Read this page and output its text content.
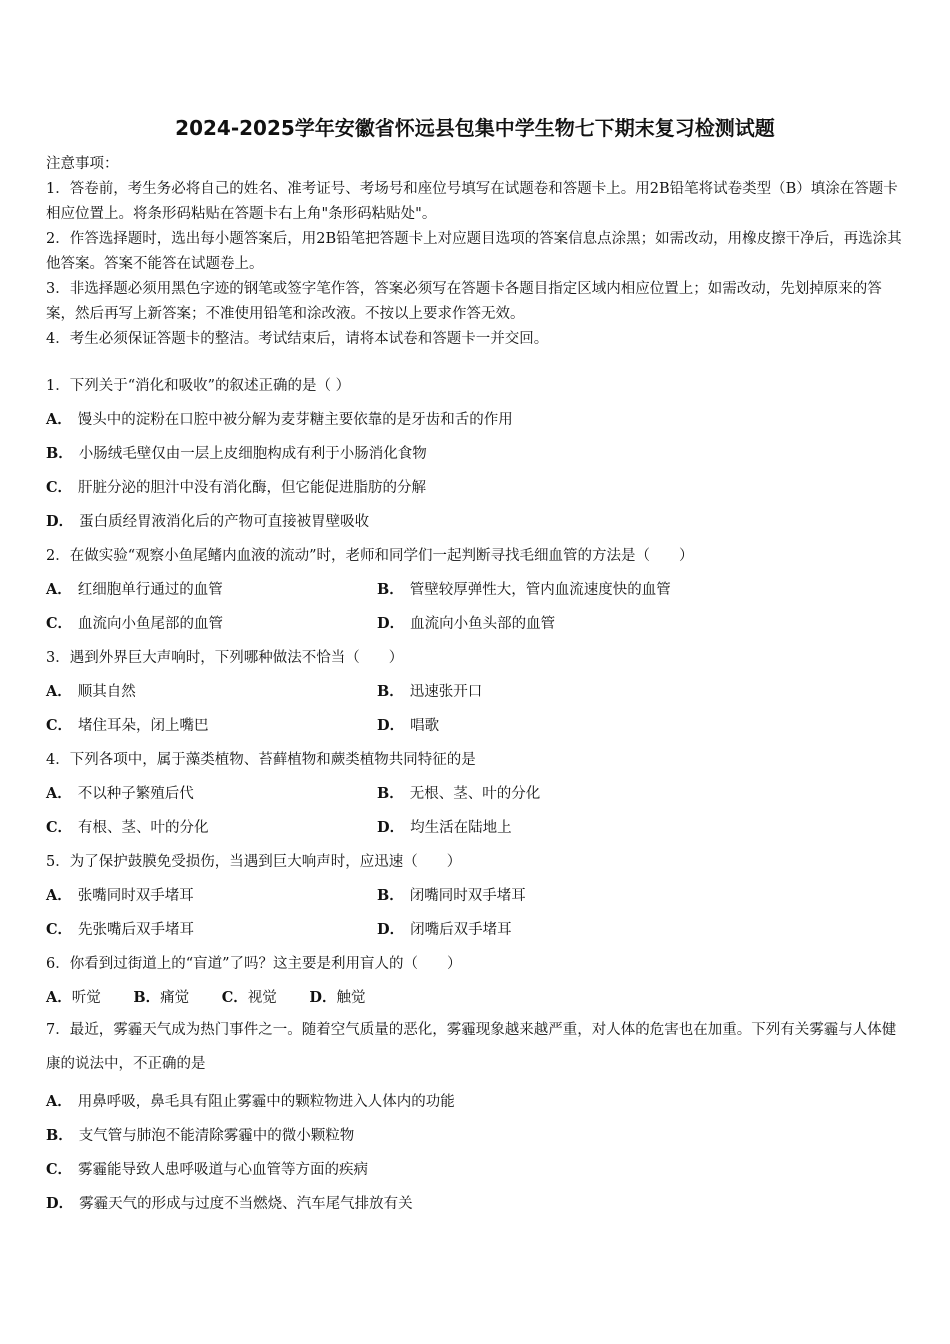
2024-2025学年安徽省怀远县包集中学生物七下期末复习检测试题

注意事项：

1．答卷前，考生务必将自己的姓名、准考证号、考场号和座位号填写在试题卷和答题卡上。用2B铅笔将试卷类型（B）填涂在答题卡相应位置上。将条形码粘贴在答题卡右上角"条形码粘贴处"。

2．作答选择题时，选出每小题答案后，用2B铅笔把答题卡上对应题目选项的答案信息点涂黑；如需改动，用橡皮擦干净后，再选涂其他答案。答案不能答在试题卷上。

3．非选择题必须用黑色字迹的钢笔或签字笔作答，答案必须写在答题卡各题目指定区域内相应位置上；如需改动，先划掉原来的答案，然后再写上新答案；不准使用铅笔和涂改液。不按以上要求作答无效。

4．考生必须保证答题卡的整洁。考试结束后，请将本试卷和答题卡一并交回。

1．下列关于“消化和吸收”的叙述正确的是（ ）
A． 馒头中的淀粉在口腔中被分解为麦芽糖主要依靠的是牙齿和舌的作用
B． 小肠绒毛壁仅由一层上皮细胞构成有利于小肠消化食物
C． 肝脏分泌的胆汁中没有消化酶，但它能促进脂肪的分解
D． 蛋白质经胃液消化后的产物可直接被胃壁吸收
2．在做实验“观察小鱼尾鳍内血液的流动”时，老师和同学们一起判断寻找毛细血管的方法是（　　）
A． 红细胞单行通过的血管	B． 管壁较厚弹性大，管内血流速度快的血管
C． 血流向小鱼尾部的血管	D． 血流向小鱼头部的血管
3．遇到外界巨大声响时，下列哪种做法不恰当（　　）
A． 顺其自然	B． 迅速张开口
C． 堵住耳朵，闭上嘴巴	D． 唱歌
4．下列各项中，属于藻类植物、苔藓植物和蕨类植物共同特征的是
A． 不以种子繁殖后代	B． 无根、茎、叶的分化
C． 有根、茎、叶的分化	D． 均生活在陆地上
5．为了保护鼓膜免受损伤，当遇到巨大响声时，应迅速（　　）
A． 张嘴同时双手堵耳	B． 闭嘴同时双手堵耳
C． 先张嘴后双手堵耳	D． 闭嘴后双手堵耳
6．你看到过街道上的“盲道”了吗？这主要是利用盲人的（　　）
A．听觉 B．痛觉 C．视觉 D．触觉
7．最近，雾霾天气成为热门事件之一。随着空气质量的恶化，雾霾现象越来越严重，对人体的危害也在加重。下列有关雾霾与人体健康的说法中，不正确的是
A． 用鼻呼吸，鼻毛具有阻止雾霾中的颗粒物进入人体内的功能
B． 支气管与肺泡不能清除雾霾中的微小颗粒物
C． 雾霾能导致人患呼吸道与心血管等方面的疾病
D． 雾霾天气的形成与过度不当燃烧、汽车尾气排放有关
